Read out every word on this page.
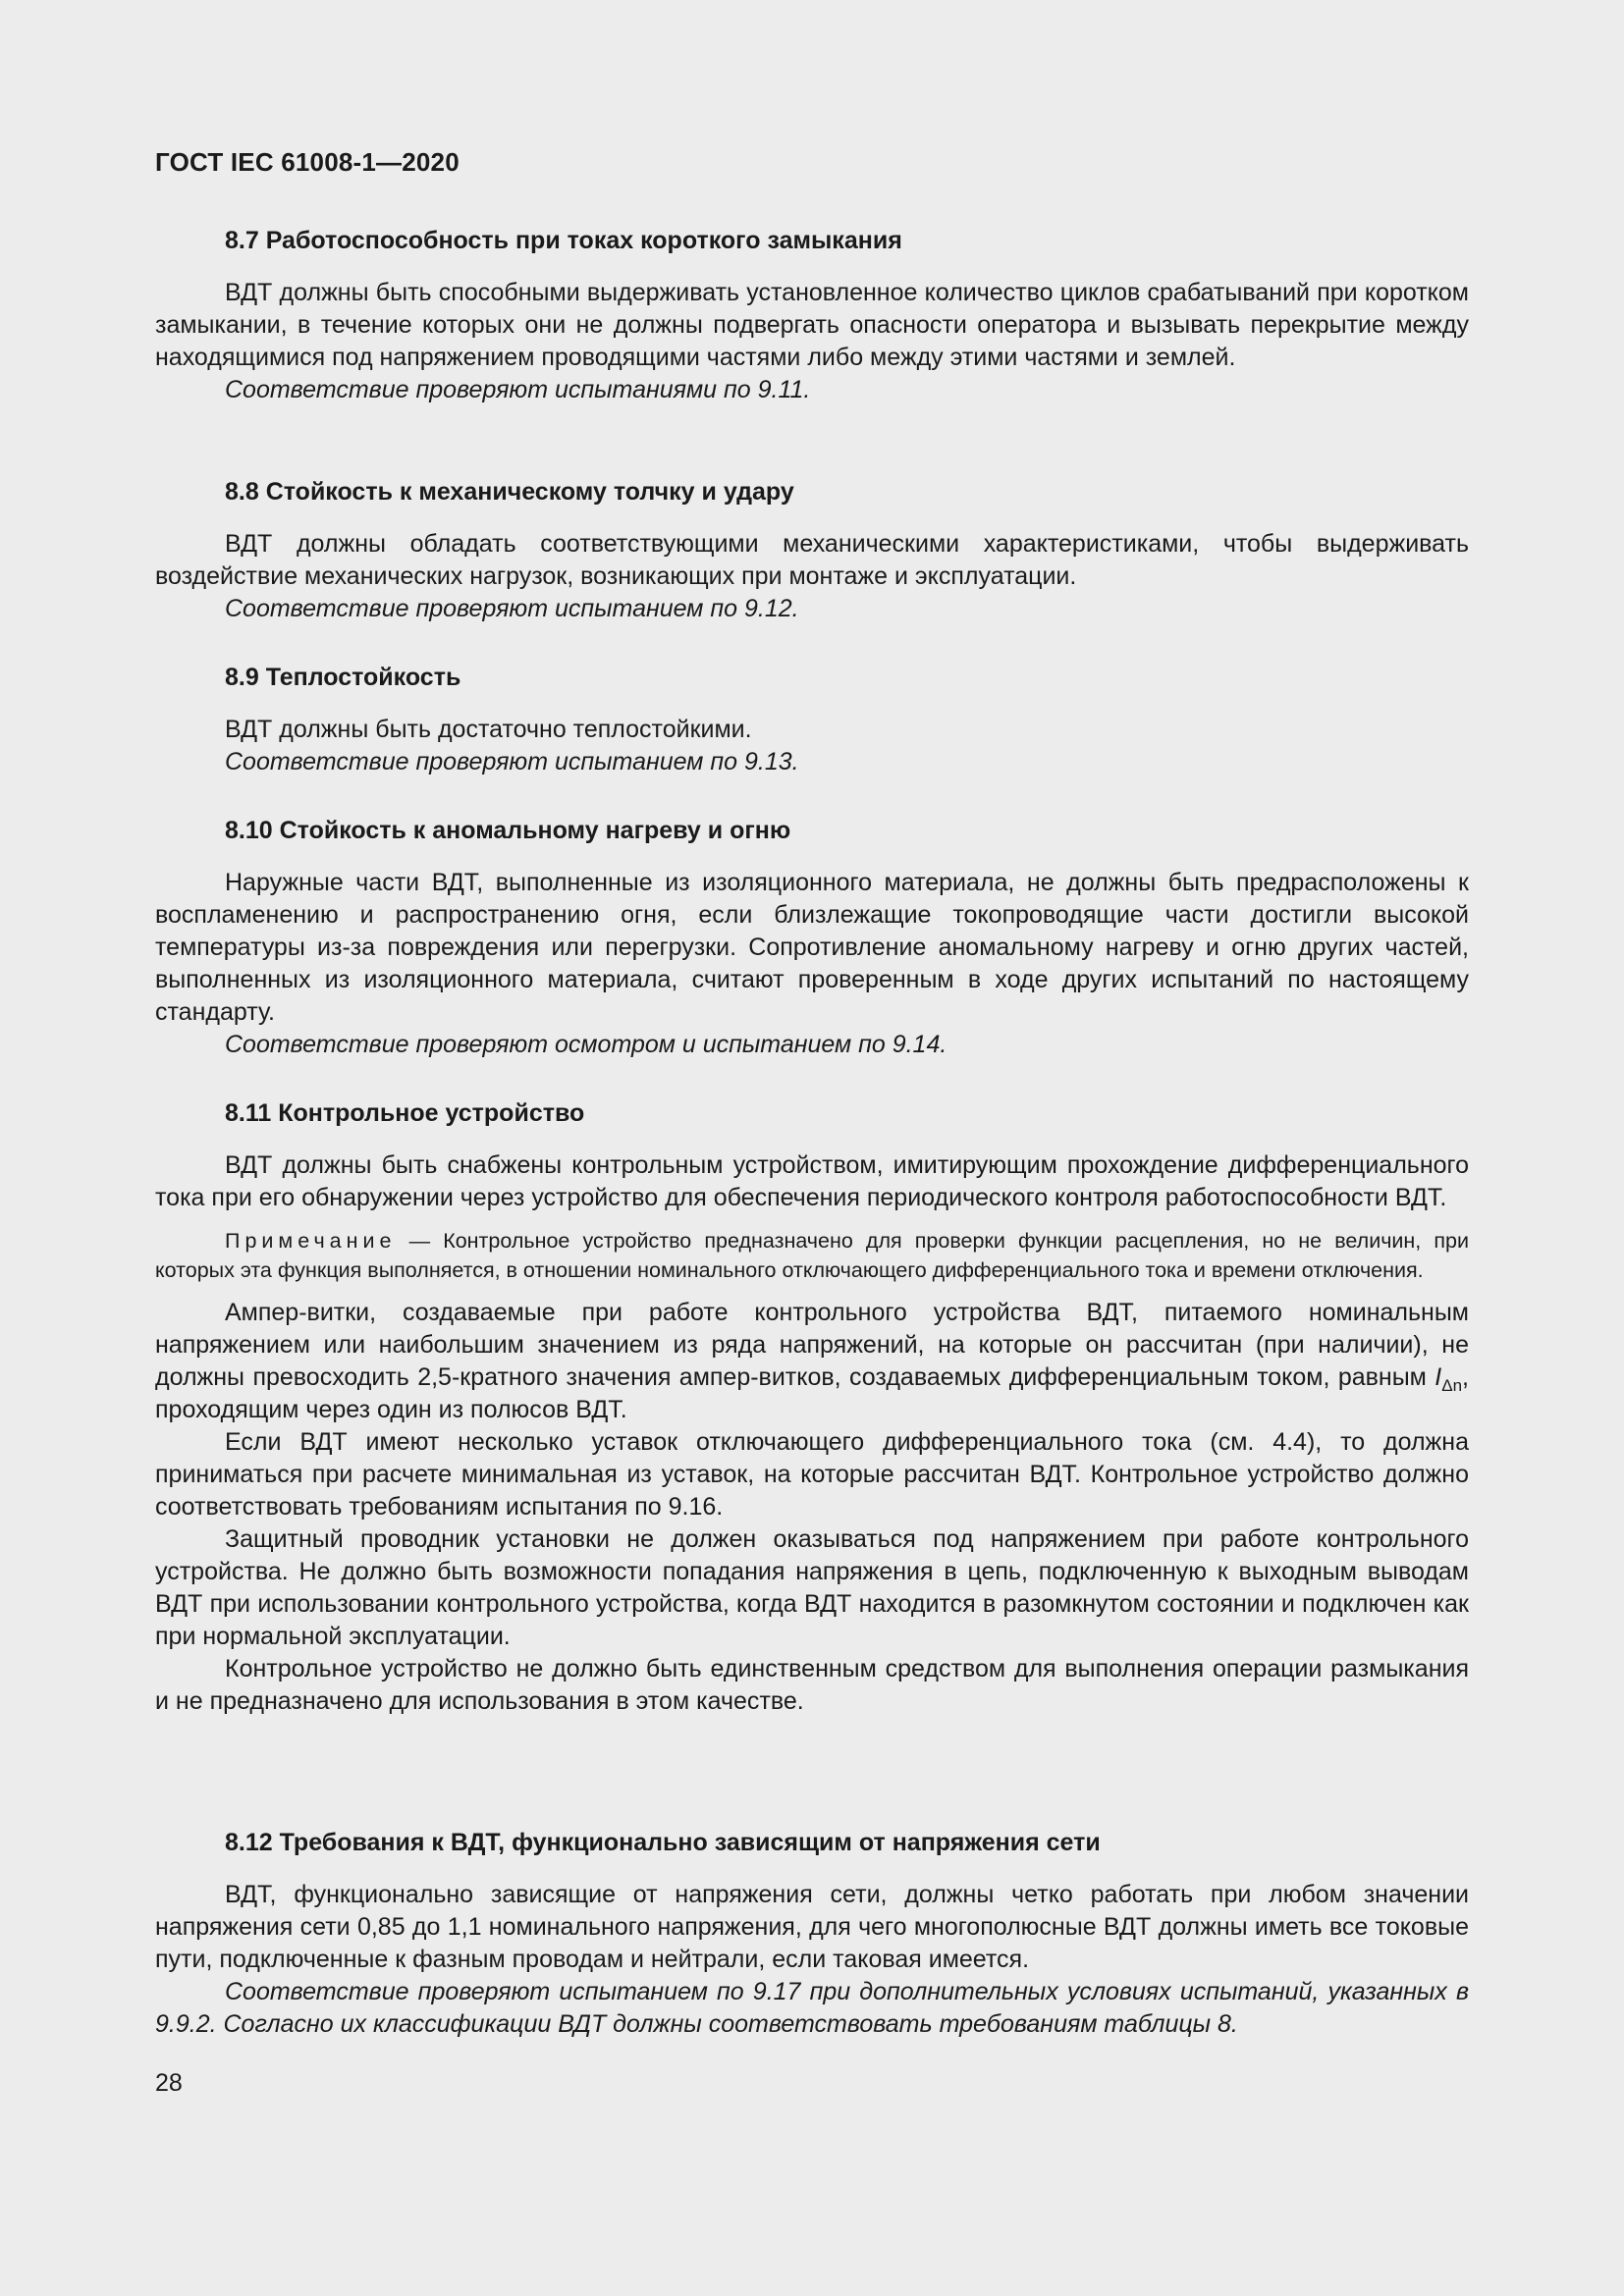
ГОСТ IEC 61008-1—2020
8.7 Работоспособность при токах короткого замыкания

ВДТ должны быть способными выдерживать установленное количество циклов срабатываний при коротком замыкании, в течение которых они не должны подвергать опасности оператора и вызывать перекрытие между находящимися под напряжением проводящими частями либо между этими частями и землей.

Соответствие проверяют испытаниями по 9.11.

8.8 Стойкость к механическому толчку и удару

ВДТ должны обладать соответствующими механическими характеристиками, чтобы выдерживать воздействие механических нагрузок, возникающих при монтаже и эксплуатации.

Соответствие проверяют испытанием по 9.12.

8.9 Теплостойкость

ВДТ должны быть достаточно теплостойкими.

Соответствие проверяют испытанием по 9.13.

8.10 Стойкость к аномальному нагреву и огню

Наружные части ВДТ, выполненные из изоляционного материала, не должны быть предрасположены к воспламенению и распространению огня, если близлежащие токопроводящие части достигли высокой температуры из-за повреждения или перегрузки. Сопротивление аномальному нагреву и огню других частей, выполненных из изоляционного материала, считают проверенным в ходе других испытаний по настоящему стандарту.

Соответствие проверяют осмотром и испытанием по 9.14.

8.11 Контрольное устройство

ВДТ должны быть снабжены контрольным устройством, имитирующим прохождение дифференциального тока при его обнаружении через устройство для обеспечения периодического контроля работоспособности ВДТ.

Примечание — Контрольное устройство предназначено для проверки функции расцепления, но не величин, при которых эта функция выполняется, в отношении номинального отключающего дифференциального тока и времени отключения.

Ампер-витки, создаваемые при работе контрольного устройства ВДТ, питаемого номинальным напряжением или наибольшим значением из ряда напряжений, на которые он рассчитан (при наличии), не должны превосходить 2,5-кратного значения ампер-витков, создаваемых дифференциальным током, равным $I_{\Delta n}$, проходящим через один из полюсов ВДТ.

Если ВДТ имеют несколько уставок отключающего дифференциального тока (см. 4.4), то должна приниматься при расчете минимальная из уставок, на которые рассчитан ВДТ. Контрольное устройство должно соответствовать требованиям испытания по 9.16.

Защитный проводник установки не должен оказываться под напряжением при работе контрольного устройства. Не должно быть возможности попадания напряжения в цепь, подключенную к выходным выводам ВДТ при использовании контрольного устройства, когда ВДТ находится в разомкнутом состоянии и подключен как при нормальной эксплуатации.

Контрольное устройство не должно быть единственным средством для выполнения операции размыкания и не предназначено для использования в этом качестве.

8.12 Требования к ВДТ, функционально зависящим от напряжения сети

ВДТ, функционально зависящие от напряжения сети, должны четко работать при любом значении напряжения сети 0,85 до 1,1 номинального напряжения, для чего многополюсные ВДТ должны иметь все токовые пути, подключенные к фазным проводам и нейтрали, если таковая имеется.

Соответствие проверяют испытанием по 9.17 при дополнительных условиях испытаний, указанных в 9.9.2. Согласно их классификации ВДТ должны соответствовать требованиям таблицы 8.

28
